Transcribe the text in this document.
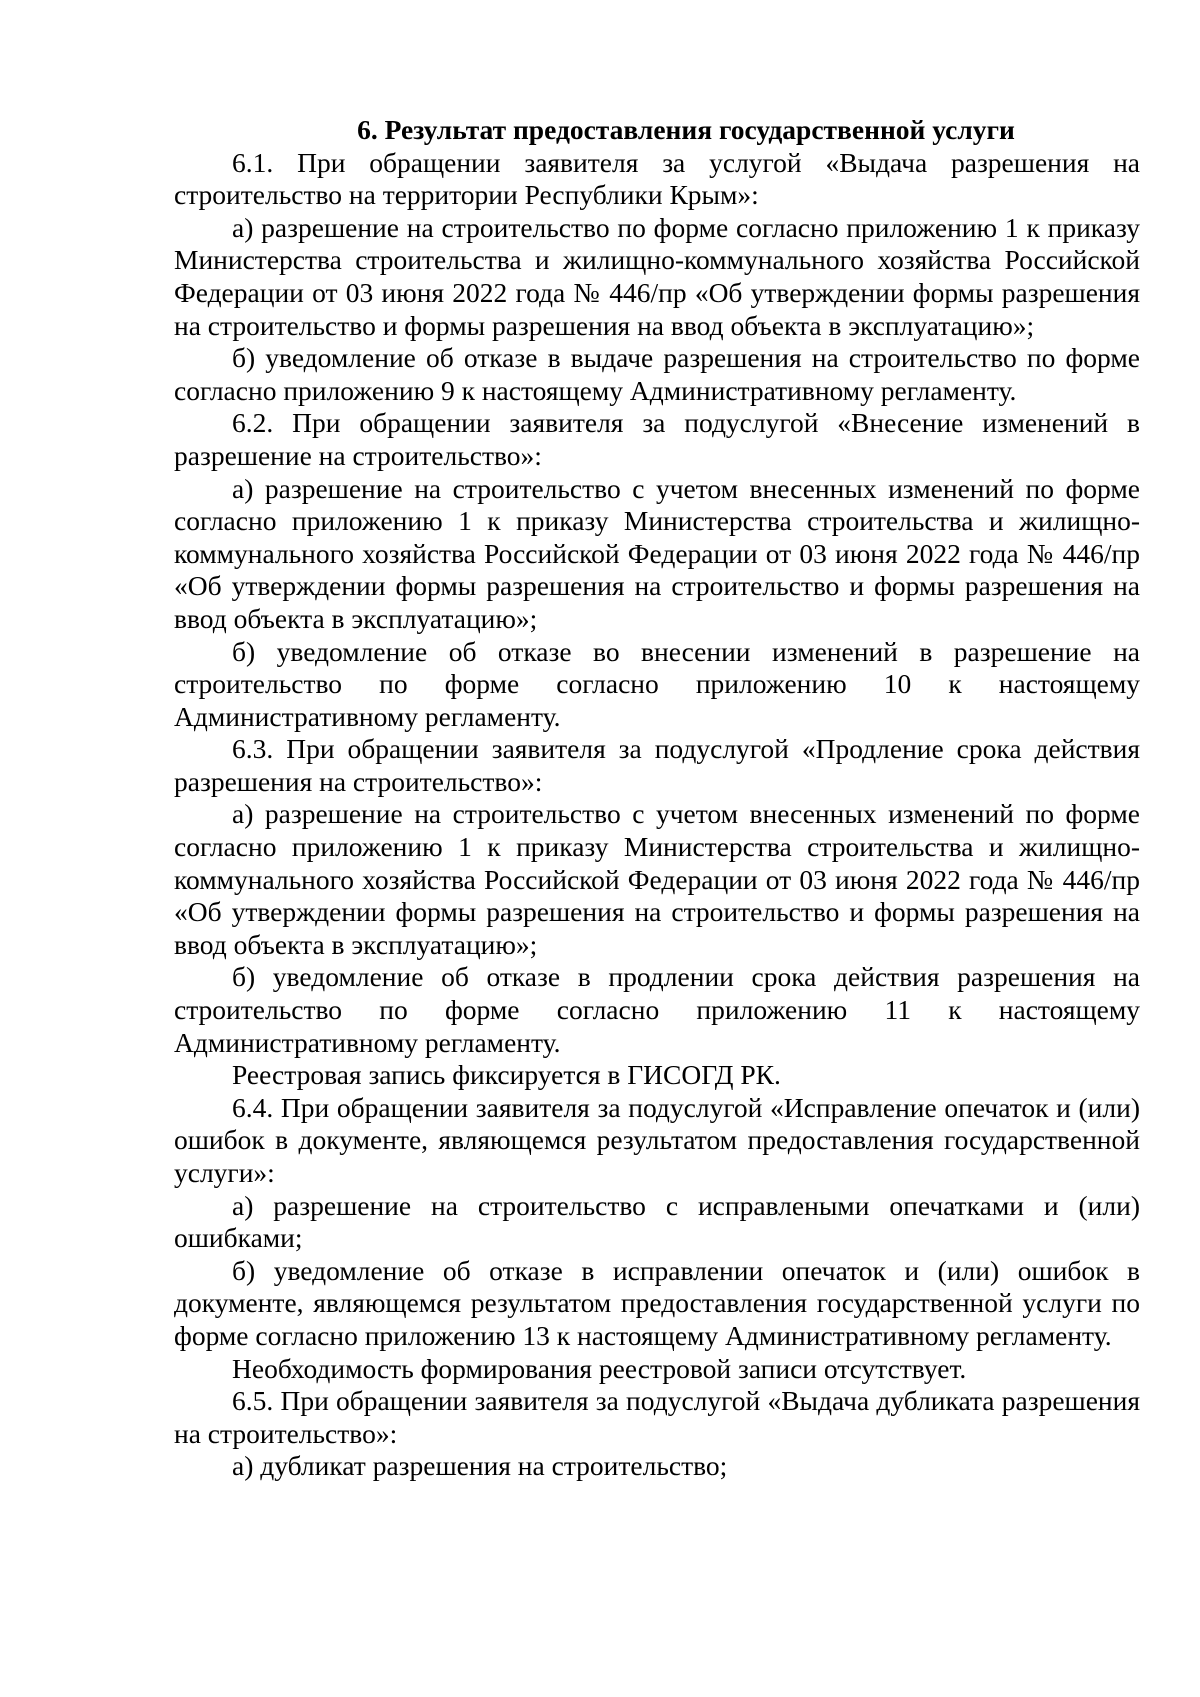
6. Результат предоставления государственной услуги

6.1. При обращении заявителя за услугой «Выдача разрешения на строительство на территории Республики Крым»:

а) разрешение на строительство по форме согласно приложению 1 к приказу Министерства строительства и жилищно-коммунального хозяйства Российской Федерации от 03 июня 2022 года № 446/пр «Об утверждении формы разрешения на строительство и формы разрешения на ввод объекта в эксплуатацию»;

б) уведомление об отказе в выдаче разрешения на строительство по форме согласно приложению 9 к настоящему Административному регламенту.

6.2. При обращении заявителя за подуслугой «Внесение изменений в разрешение на строительство»:

а) разрешение на строительство с учетом внесенных изменений по форме согласно приложению 1 к приказу Министерства строительства и жилищно-коммунального хозяйства Российской Федерации от 03 июня 2022 года № 446/пр «Об утверждении формы разрешения на строительство и формы разрешения на ввод объекта в эксплуатацию»;

б) уведомление об отказе во внесении изменений в разрешение на строительство по форме согласно приложению 10 к настоящему Административному регламенту.

6.3. При обращении заявителя за подуслугой «Продление срока действия разрешения на строительство»:

а) разрешение на строительство с учетом внесенных изменений по форме согласно приложению 1 к приказу Министерства строительства и жилищно-коммунального хозяйства Российской Федерации от 03 июня 2022 года № 446/пр «Об утверждении формы разрешения на строительство и формы разрешения на ввод объекта в эксплуатацию»;

б) уведомление об отказе в продлении срока действия разрешения на строительство по форме согласно приложению 11 к настоящему Административному регламенту.

Реестровая запись фиксируется в ГИСОГД РК.

6.4. При обращении заявителя за подуслугой «Исправление опечаток и (или) ошибок в документе, являющемся результатом предоставления государственной услуги»:

а) разрешение на строительство с исправлеными опечатками и (или) ошибками;

б) уведомление об отказе в исправлении опечаток и (или) ошибок в документе, являющемся результатом предоставления государственной услуги по форме согласно приложению 13 к настоящему Административному регламенту.

Необходимость формирования реестровой записи отсутствует.

6.5. При обращении заявителя за подуслугой «Выдача дубликата разрешения на строительство»:

а) дубликат разрешения на строительство;
